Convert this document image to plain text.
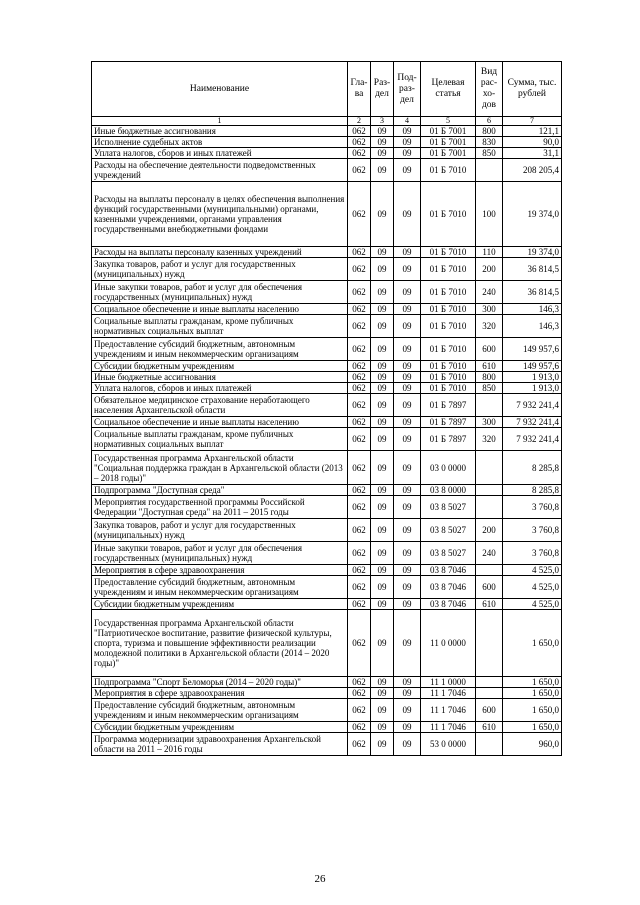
Наименование	Гла-ва	Раз-дел	Под-раз-дел	Целевая статья	Вид рас-хо-дов	Сумма, тыс. рублей
1	2	3	4	5	6	7
Иные бюджетные ассигнования	062	09	09	01 Б 7001	800	121,1
Исполнение судебных актов	062	09	09	01 Б 7001	830	90,0
Уплата налогов, сборов и иных платежей	062	09	09	01 Б 7001	850	31,1
Расходы на обеспечение деятельности подведомственных учреждений	062	09	09	01 Б 7010		208 205,4
Расходы на выплаты персоналу в целях обеспечения выполнения функций государственными (муниципальными) органами, казенными учреждениями, органами управления государственными внебюджетными фондами	062	09	09	01 Б 7010	100	19 374,0
Расходы на выплаты персоналу казенных учреждений	062	09	09	01 Б 7010	110	19 374,0
Закупка товаров, работ и услуг для государственных (муниципальных) нужд	062	09	09	01 Б 7010	200	36 814,5
Иные закупки товаров, работ и услуг для обеспечения государственных (муниципальных) нужд	062	09	09	01 Б 7010	240	36 814,5
Социальное обеспечение и иные выплаты населению	062	09	09	01 Б 7010	300	146,3
Социальные выплаты гражданам, кроме публичных нормативных социальных выплат	062	09	09	01 Б 7010	320	146,3
Предоставление субсидий бюджетным, автономным учреждениям и иным некоммерческим организациям	062	09	09	01 Б 7010	600	149 957,6
Субсидии бюджетным учреждениям	062	09	09	01 Б 7010	610	149 957,6
Иные бюджетные ассигнования	062	09	09	01 Б 7010	800	1 913,0
Уплата налогов, сборов и иных платежей	062	09	09	01 Б 7010	850	1 913,0
Обязательное медицинское страхование неработающего населения Архангельской области	062	09	09	01 Б 7897		7 932 241,4
Социальное обеспечение и иные выплаты населению	062	09	09	01 Б 7897	300	7 932 241,4
Социальные выплаты гражданам, кроме публичных нормативных социальных выплат	062	09	09	01 Б 7897	320	7 932 241,4
Государственная программа Архангельской области "Социальная поддержка граждан в Архангельской области (2013 – 2018 годы)"	062	09	09	03 0 0000		8 285,8
Подпрограмма "Доступная среда"	062	09	09	03 8 0000		8 285,8
Мероприятия государственной программы Российской Федерации "Доступная среда" на 2011 – 2015 годы	062	09	09	03 8 5027		3 760,8
Закупка товаров, работ и услуг для государственных (муниципальных) нужд	062	09	09	03 8 5027	200	3 760,8
Иные закупки товаров, работ и услуг для обеспечения государственных (муниципальных) нужд	062	09	09	03 8 5027	240	3 760,8
Мероприятия в сфере здравоохранения	062	09	09	03 8 7046		4 525,0
Предоставление субсидий бюджетным, автономным учреждениям и иным некоммерческим организациям	062	09	09	03 8 7046	600	4 525,0
Субсидии бюджетным учреждениям	062	09	09	03 8 7046	610	4 525,0
Государственная программа Архангельской области "Патриотическое воспитание, развитие физической культуры, спорта, туризма и повышение эффективности реализации молодежной политики в Архангельской области (2014 – 2020 годы)"	062	09	09	11 0 0000		1 650,0
Подпрограмма "Спорт Беломорья (2014 – 2020 годы)"	062	09	09	11 1 0000		1 650,0
Мероприятия в сфере здравоохранения	062	09	09	11 1 7046		1 650,0
Предоставление субсидий бюджетным, автономным учреждениям и иным некоммерческим организациям	062	09	09	11 1 7046	600	1 650,0
Субсидии бюджетным учреждениям	062	09	09	11 1 7046	610	1 650,0
Программа модернизации здравоохранения Архангельской области на 2011 – 2016 годы	062	09	09	53 0 0000		960,0
26
